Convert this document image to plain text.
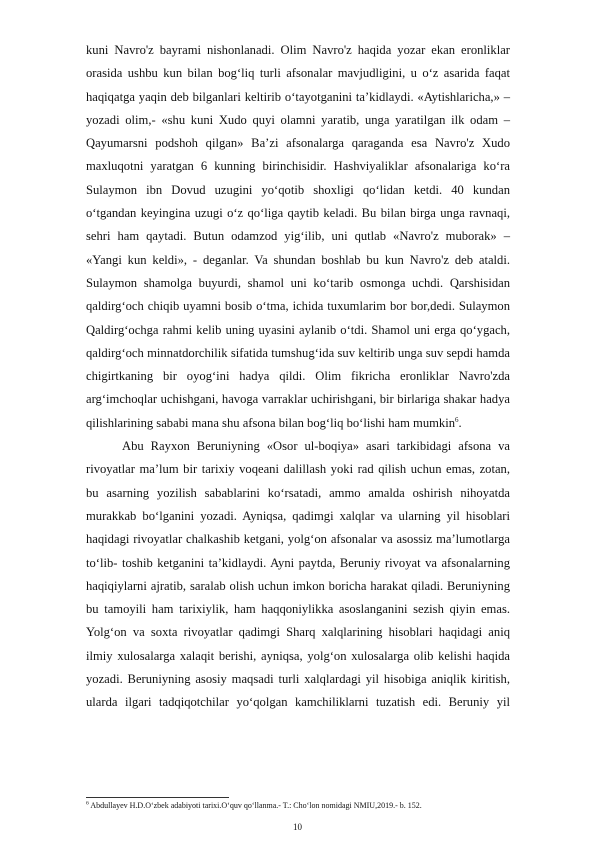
kuni Navro'z bayrami nishonlanadi. Olim Navro'z haqida yozar ekan eronliklar orasida ushbu kun bilan bog‘liq turli afsonalar mavjudligini, u o‘z asarida faqat haqiqatga yaqin deb bilganlari keltirib o‘tayotganini ta’kidlaydi. «Aytishlaricha,» – yozadi olim,- «shu kuni Xudo quyi olamni yaratib, unga yaratilgan ilk odam – Qayumarsni podshoh qilgan» Ba’zi afsonalarga qaraganda esa Navro'z Xudo maxluqotni yaratgan 6 kunning birinchisidir. Hashviyaliklar afsonalariga ko‘ra Sulaymon ibn Dovud uzugini yo‘qotib shoxligi qo‘lidan ketdi. 40 kundan o‘tgandan keyingina uzugi o‘z qo‘liga qaytib keladi. Bu bilan birga unga ravnaqi, sehri ham qaytadi. Butun odamzod yig‘ilib, uni qutlab «Navro'z muborak» – «Yangi kun keldi», - deganlar. Va shundan boshlab bu kun Navro'z deb ataldi. Sulaymon shamolga buyurdi, shamol uni ko‘tarib osmonga uchdi. Qarshisidan qaldirg‘och chiqib uyamni bosib o‘tma, ichida tuxumlarim bor bor,dedi. Sulaymon Qaldirg‘ochga rahmi kelib uning uyasini aylanib o‘tdi. Shamol uni erga qo‘ygach, qaldirg‘och minnatdorchilik sifatida tumshug‘ida suv keltirib unga suv sepdi hamda chigirtkaning bir oyog‘ini hadya qildi. Olim fikricha eronliklar Navro'zda arg‘imchoqlar uchishgani, havoga varraklar uchirishgani, bir birlariga shakar hadya qilishlarining sababi mana shu afsona bilan bog‘liq bo‘lishi ham mumkin$^6$.

Abu Rayxon Beruniyning «Osor ul-boqiya» asari tarkibidagi afsona va rivoyatlar ma’lum bir tarixiy voqeani dalillash yoki rad qilish uchun emas, zotan, bu asarning yozilish sabablarini ko‘rsatadi, ammo amalda oshirish nihoyatda murakkab bo‘lganini yozadi. Ayniqsa, qadimgi xalqlar va ularning yil hisoblari haqidagi rivoyatlar chalkashib ketgani, yolg‘on afsonalar va asossiz ma’lumotlarga to‘lib- toshib ketganini ta’kidlaydi. Ayni paytda, Beruniy rivoyat va afsonalarning haqiqiylarni ajratib, saralab olish uchun imkon boricha harakat qiladi. Beruniyning bu tamoyili ham tarixiylik, ham haqqoniylikka asoslanganini sezish qiyin emas. Yolg‘on va soxta rivoyatlar qadimgi Sharq xalqlarining hisoblari haqidagi aniq ilmiy xulosalarga xalaqit berishi, ayniqsa, yolg‘on xulosalarga olib kelishi haqida yozadi. Beruniyning asosiy maqsadi turli xalqlardagi yil hisobiga aniqlik kiritish, ularda ilgari tadqiqotchilar yo‘qolgan kamchiliklarni tuzatish edi. Beruniy yil

$^6$ Abdullayev H.D.O‘zbek adabiyoti tarixi.O‘quv qo‘llanma.- T.: Cho‘lon nomidagi NMIU,2019.- b. 152.
10
